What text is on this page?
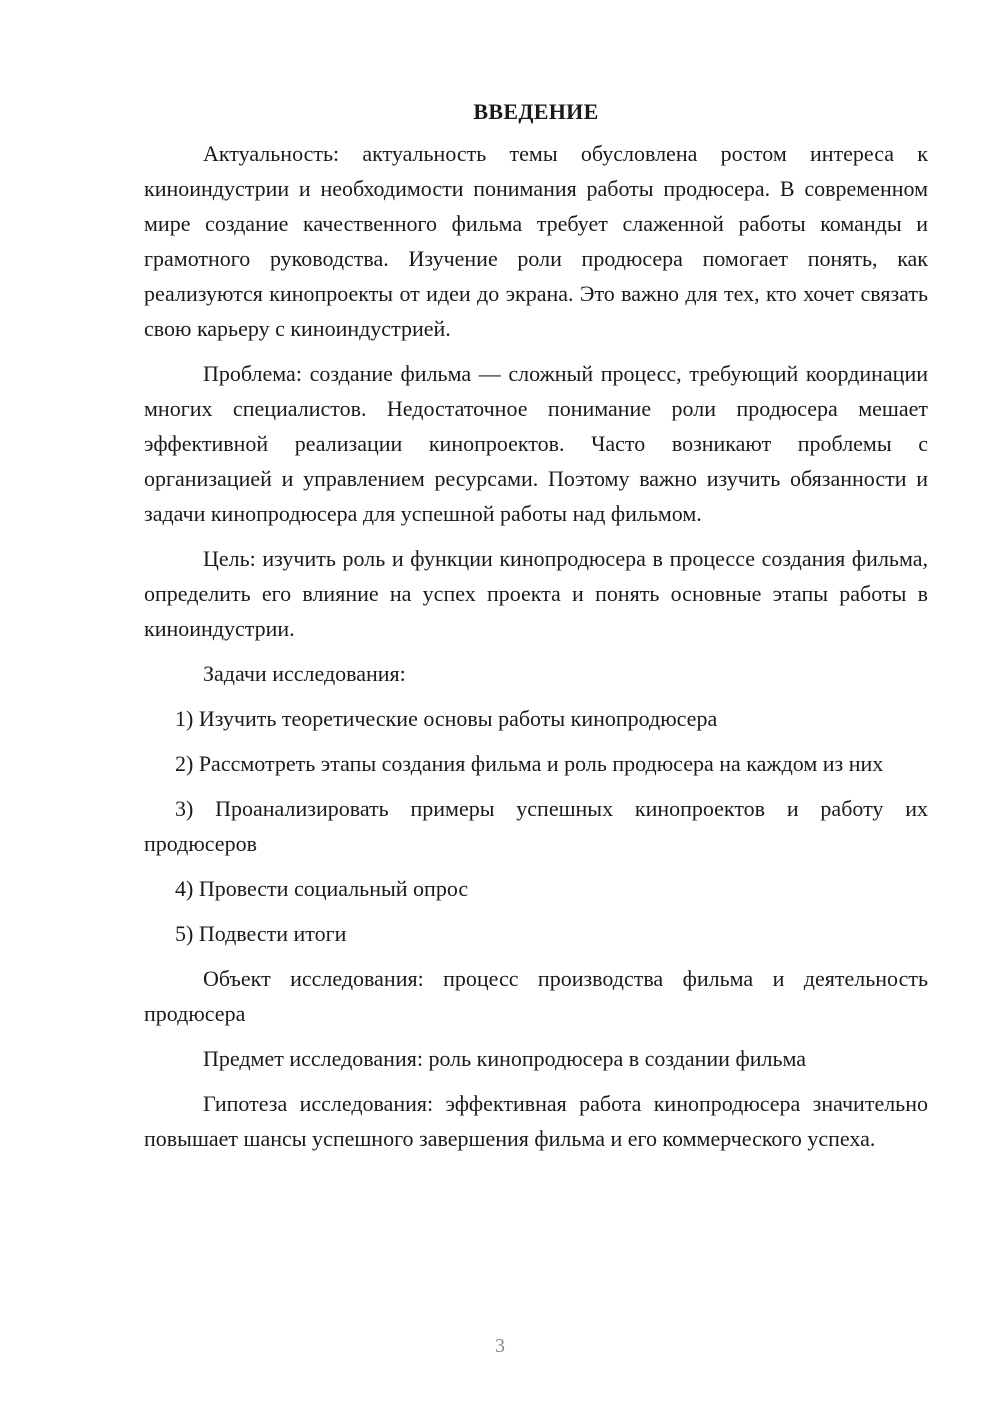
ВВЕДЕНИЕ

Актуальность: актуальность темы обусловлена ростом интереса к киноиндустрии и необходимости понимания работы продюсера. В современном мире создание качественного фильма требует слаженной работы команды и грамотного руководства. Изучение роли продюсера помогает понять, как реализуются кинопроекты от идеи до экрана. Это важно для тех, кто хочет связать свою карьеру с киноиндустрией.

Проблема: создание фильма — сложный процесс, требующий координации многих специалистов. Недостаточное понимание роли продюсера мешает эффективной реализации кинопроектов. Часто возникают проблемы с организацией и управлением ресурсами. Поэтому важно изучить обязанности и задачи кинопродюсера для успешной работы над фильмом.

Цель: изучить роль и функции кинопродюсера в процессе создания фильма, определить его влияние на успех проекта и понять основные этапы работы в киноиндустрии.

Задачи исследования:

1) Изучить теоретические основы работы кинопродюсера

2) Рассмотреть этапы создания фильма и роль продюсера на каждом из них

3) Проанализировать примеры успешных кинопроектов и работу их продюсеров

4) Провести социальный опрос

5) Подвести итоги

Объект исследования: процесс производства фильма и деятельность продюсера

Предмет исследования: роль кинопродюсера в создании фильма

Гипотеза исследования: эффективная работа кинопродюсера значительно повышает шансы успешного завершения фильма и его коммерческого успеха.

3
